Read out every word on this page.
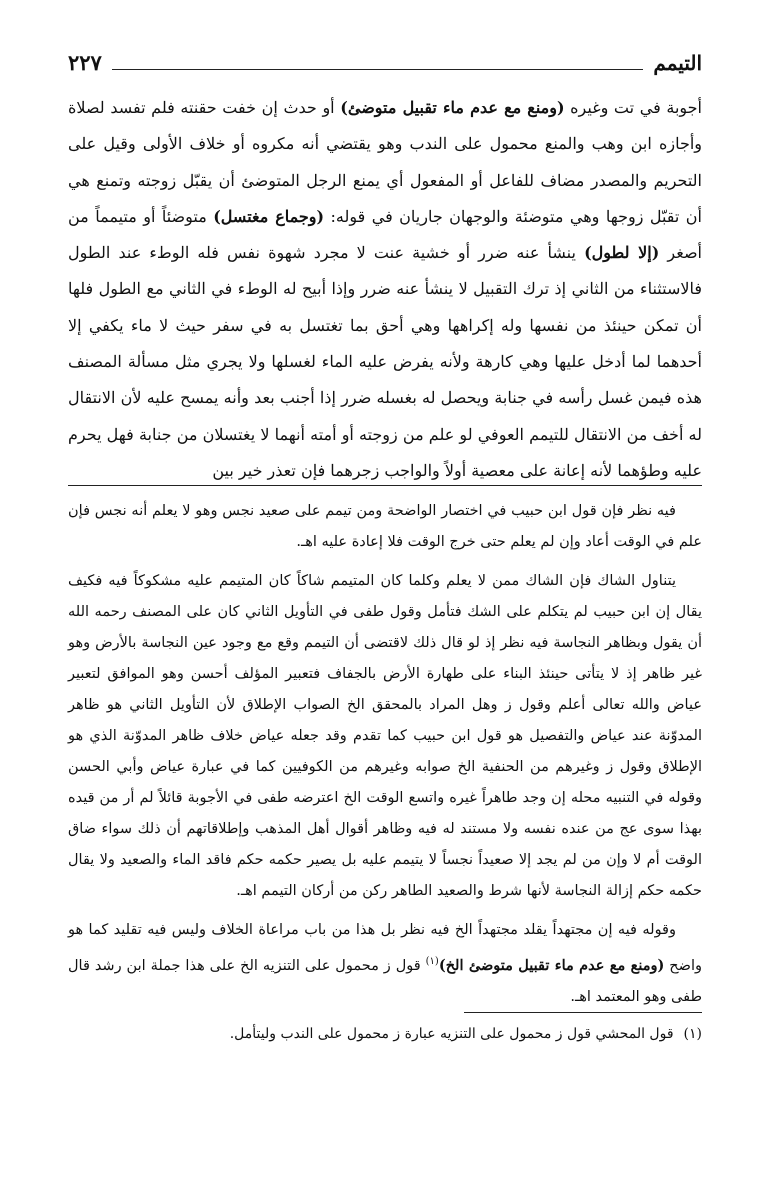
التيمم
٢٢٧
أجوبة في تت وغيره (ومنع مع عدم ماء تقبيل متوضئ) أو حدث إن خفت حقنته فلم تفسد لصلاة وأجازه ابن وهب والمنع محمول على الندب وهو يقتضي أنه مكروه أو خلاف الأولى وقيل على التحريم والمصدر مضاف للفاعل أو المفعول أي يمنع الرجل المتوضئ أن يقبّل زوجته وتمنع هي أن تقبّل زوجها وهي متوضئة والوجهان جاريان في قوله: (وجماع مغتسل) متوضئاً أو متيمماً من أصغر (إلا لطول) ينشأ عنه ضرر أو خشية عنت لا مجرد شهوة نفس فله الوطء عند الطول فالاستثناء من الثاني إذ ترك التقبيل لا ينشأ عنه ضرر وإذا أبيح له الوطء في الثاني مع الطول فلها أن تمكن حينئذ من نفسها وله إكراهها وهي أحق بما تغتسل به في سفر حيث لا ماء يكفي إلا أحدهما لما أدخل عليها وهي كارهة ولأنه يفرض عليه الماء لغسلها ولا يجري مثل مسألة المصنف هذه فيمن غسل رأسه في جنابة ويحصل له بغسله ضرر إذا أجنب بعد وأنه يمسح عليه لأن الانتقال له أخف من الانتقال للتيمم العوفي لو علم من زوجته أو أمته أنهما لا يغتسلان من جنابة فهل يحرم عليه وطؤهما لأنه إعانة على معصية أولاً والواجب زجرهما فإن تعذر خير بين

فيه نظر فإن قول ابن حبيب في اختصار الواضحة ومن تيمم على صعيد نجس وهو لا يعلم أنه نجس فإن علم في الوقت أعاد وإن لم يعلم حتى خرج الوقت فلا إعادة عليه اهـ.

يتناول الشاك فإن الشاك ممن لا يعلم وكلما كان المتيمم شاكاً كان المتيمم عليه مشكوكاً فيه فكيف يقال إن ابن حبيب لم يتكلم على الشك فتأمل وقول طفى في التأويل الثاني كان على المصنف رحمه الله أن يقول وبظاهر النجاسة فيه نظر إذ لو قال ذلك لاقتضى أن التيمم وقع مع وجود عين النجاسة بالأرض وهو غير ظاهر إذ لا يتأتى حينئذ البناء على طهارة الأرض بالجفاف فتعبير المؤلف أحسن وهو الموافق لتعبير عياض والله تعالى أعلم وقول ز وهل المراد بالمحقق الخ الصواب الإطلاق لأن التأويل الثاني هو ظاهر المدوّنة عند عياض والتفصيل هو قول ابن حبيب كما تقدم وقد جعله عياض خلاف ظاهر المدوّنة الذي هو الإطلاق وقول ز وغيرهم من الحنفية الخ صوابه وغيرهم من الكوفيين كما في عبارة عياض وأبي الحسن وقوله في التنبيه محله إن وجد طاهراً غيره واتسع الوقت الخ اعترضه طفى في الأجوبة قائلاً لم أر من قيده بهذا سوى عج من عنده نفسه ولا مستند له فيه وظاهر أقوال أهل المذهب وإطلاقاتهم أن ذلك سواء ضاق الوقت أم لا وإن من لم يجد إلا صعيداً نجساً لا يتيمم عليه بل يصير حكمه حكم فاقد الماء والصعيد ولا يقال حكمه حكم إزالة النجاسة لأنها شرط والصعيد الطاهر ركن من أركان التيمم اهـ.

وقوله فيه إن مجتهداً يقلد مجتهداً الخ فيه نظر بل هذا من باب مراعاة الخلاف وليس فيه تقليد كما هو واضح (ومنع مع عدم ماء تقبيل متوضئ الخ)$^{(١)}$ قول ز محمول على التنزيه الخ على هذا جملة ابن رشد قال طفى وهو المعتمد اهـ.

(١)قول المحشي قول ز محمول على التنزيه عبارة ز محمول على الندب وليتأمل.
